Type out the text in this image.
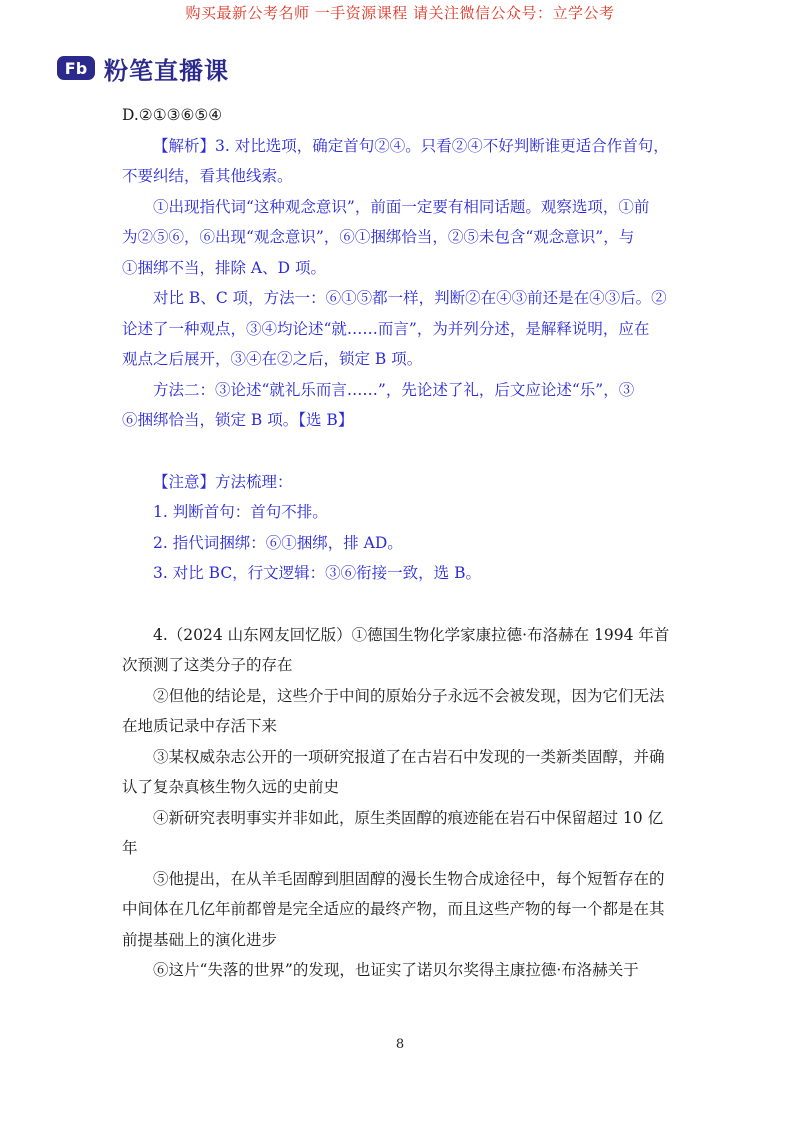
购买最新公考名师 一手资源课程 请关注微信公众号：立学公考
Fb 粉笔直播课
D.②①③⑥⑤④
【解析】3. 对比选项，确定首句②④。只看②④不好判断谁更适合作首句，
不要纠结，看其他线索。
①出现指代词“这种观念意识”，前面一定要有相同话题。观察选项，①前
为②⑤⑥，⑥出现“观念意识”，⑥①捆绑恰当，②⑤未包含“观念意识”，与
①捆绑不当，排除 A、D 项。
对比 B、C 项，方法一：⑥①⑤都一样，判断②在④③前还是在④③后。②
论述了一种观点，③④均论述“就……而言”，为并列分述，是解释说明，应在
观点之后展开，③④在②之后，锁定 B 项。
方法二：③论述“就礼乐而言……”，先论述了礼，后文应论述“乐”，③
⑥捆绑恰当，锁定 B 项。【选 B】
【注意】方法梳理：
1. 判断首句：首句不排。
2. 指代词捆绑：⑥①捆绑，排 AD。
3. 对比 BC，行文逻辑：③⑥衔接一致，选 B。
4.（2024 山东网友回忆版）①德国生物化学家康拉德·布洛赫在 1994 年首
次预测了这类分子的存在
②但他的结论是，这些介于中间的原始分子永远不会被发现，因为它们无法
在地质记录中存活下来
③某权威杂志公开的一项研究报道了在古岩石中发现的一类新类固醇，并确
认了复杂真核生物久远的史前史
④新研究表明事实并非如此，原生类固醇的痕迹能在岩石中保留超过 10 亿
年
⑤他提出，在从羊毛固醇到胆固醇的漫长生物合成途径中，每个短暂存在的
中间体在几亿年前都曾是完全适应的最终产物，而且这些产物的每一个都是在其
前提基础上的演化进步
⑥这片“失落的世界”的发现，也证实了诺贝尔奖得主康拉德·布洛赫关于
8
